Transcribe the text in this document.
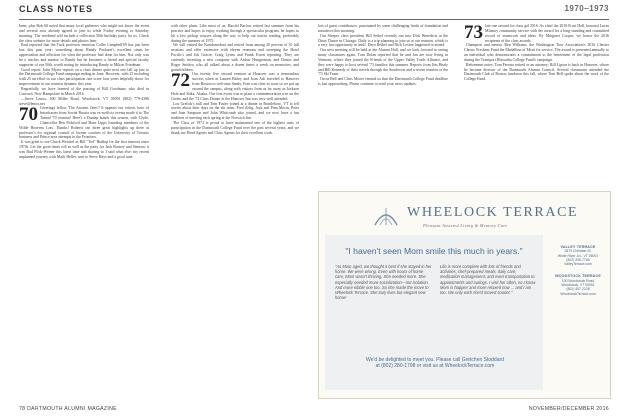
CLASS NOTES	1970–1973

been; plus Bob 60 noted that many local gatherers who might not know the event and several now already agreed to join us while Friday evening or Saturday morning. The weekend will include a collection 50th birthday party for us. Check the class website for more details and photos later.

Paul reported that the Tuck professor emeritus Collie Campbell'69 has just been lost this past year; something about Randy Paolazzi's excellent stints he appreciation and affection for what the professor had done for him. Not only was he a teacher and mentor to Randy but he becomes a friend and special faculty supporter of our 50th, worth noting by introducing Randy to Milton Friedman.

Good report: John Myers reports on a class dinner quite next one fall up just to the Dartmouth College Fund campaign ending in June. However, with 25 including with 25 an effort in our class participation rate score four years helpfully shoot for improvement in our reunion dynamic this year.

Regretfully, we have learned of the passing of Bill Goodman, who died in Concord, New Hampshire in March 2016.

—Steve Lenox, 400 Miller Road, Woodstock, VT 05091 (802) 779-4396 steve@lenox.net

70 Greetings fellow 'The Ancient Ones'! It appears our retreat, hero of broadcaster from Soviet Russia was ex-nofficio events made it to The Tamad '70 reunion! Here's a Dunlap bunch this season, with Clyde, Chancellor Ben Pickford and Hans Lipps founding members of the Wilde Heavens Lots. Thanks! Roberts ran three great highlights up there at professor's for regional council of former coaches of the University of Toronto business and Prince area attempts in the Frontiers.

It was great to see Chuck Weickel as Bill "Ted" Hiddop for the first timeout since 1970s. Let the good times roll as well as the party for Jack Burney and Simeon; it was Bud Flick-Weiner this latest time and sharing so I said what else: my recent unplanned journey with Mark Heller, sent to Steve Hays and a good tune.

with other plans. Like most of us, Harold Barlow retired last summer from his practice and hopes to enjoy working through a spectacular program, he hopes to hit a few pickup courses along the way to help out tourist reading, preferably during the summer of 1975.

We will visited the Kanchanaburi and retired from among 20 percent of 35 full sessions and offer extensive with eleven reunions and sweeping the Hotel Pacific's and Joh Gracie, Craig Lyons and Frank Ewen reporting. They are currently investing a new company with Arthur Hungerman, and Dustin and Roger Snidow who all talked about a dozen times a week on memories, and grandchildren.

72 Our twenty five second reunion at Hanover was a tremendous success when at Lauren Baltry and Joan Ash traveled to Hanover from Boston to welcome Sandy, Fran was clear as soon so we put up around the campus, along with visitors from as far away as Jackson Hole and Sitka, Alaska. Our first event was to plant a commemorative tree on the Green, and the '72 Class Dinner at the Hanover Inn was very well attended.

Lou Grelick's mill and Tom Foster joined at a dinner in Brattleboro, VT to tell stories about their days on the ski team. Fred Zelig, Jack and Pam Morin, Peter and Jane Simpson and John Whitcomb also joined, and we now have a fun tradition of meeting each spring at the Norwich Inn.

The Class of 1972 is proud to have maintained one of the highest rates of participation in the Dartmouth College Fund over the past several years, and we thank our Head Agents and Class Agents for their excellent work.

lots of guest contributors, punctuated by some challenging finals of foundation and narratives this morning.

Our Sleeper class president Bill Seibel recently ran into Dick Benedicts at the Daisy Dance in Chicago; Daily is a trip planning to join us at our reunion, which is a very fun opportunity in itself. Dave Reibel and Nick Levine happened to attend.

Our next meeting will be held at the Alumni Hall, and we look forward to seeing many classmates again. Tom Dolan reported that he and Jan are now living in Vermont, where they joined the Friends of the Upper Valley Trails Alliance, and they were happy to host several '73 families this summer. Reports from Jim Healy and Bill Kennedy of their travels through the Southwest and a recent reunion of the '73 Ski Team.

Oscar Bell and Chris Moore remind us that the Dartmouth College Fund deadline is fast approaching. Please continue to send your news updates.

73 late one second for class gal 2016. As chief the 2016 Frost Hall, honored Lucas Milanoy community service with the award for a long-standing and committed record of teamwork and ideas. By Margaret Cooper, we honor the 2016 recipients of the class awards.

Champion and mentor Ben Williams, the Washington Tour Association's 2016 Chester Classic Fresheer Fund the Medallion of Merit for service. The award is presented annually to an individual who demonstrates a commitment to the betterment of the legal profession during the Transport Hiawatha College Fund's campaign.

Retirement notes: Tom Ferrara retired as an attorney; Bill Lipton is back in Hanover, where he became director of the Dartmouth Alumni Council. Several classmates attended the Dartmouth Club of Boston luncheon this fall, where Tom Bell spoke about the work of the College Fund.

WHEELOCK TERRACE
Pleasant Assisted Living & Memory Care
"I haven't seen Mom smile this much in years."
"As Mom aged, we thought it best if she stayed in her home. We were wrong. Even with hours of home care, Mom wasn't thriving. She needed more. She especially needed more socialization—not isolation. And more nibble one too. So she made the move to Wheelock Terrace. She truly lives but elegant new home!
Life is more complete with lots of friends and activities, chef-prepared meals, daily care, medication management, and even transportation to appointments and outings. I visit her often, so I know Mom is happier and more relaxed now ... and I am too. We only wish she'd moved sooner."
We'd be delighted to meet you. Please call Gretchen Stoddard
at (802) 280-1798 or visit us at WheelockTerrace.com
VALLEY TERRACE
2870 Christian St.
White River Jct., VT 05001
(802) 295-7766
ValleyTerrace.com
WOODSTOCK TERRACE
100 Woodstock Road
Woodstock, VT 05091
(802) 457-2228
WoodstockTerrace.com
78 DARTMOUTH ALUMNI MAGAZINE	NOVEMBER/DECEMBER 2016
